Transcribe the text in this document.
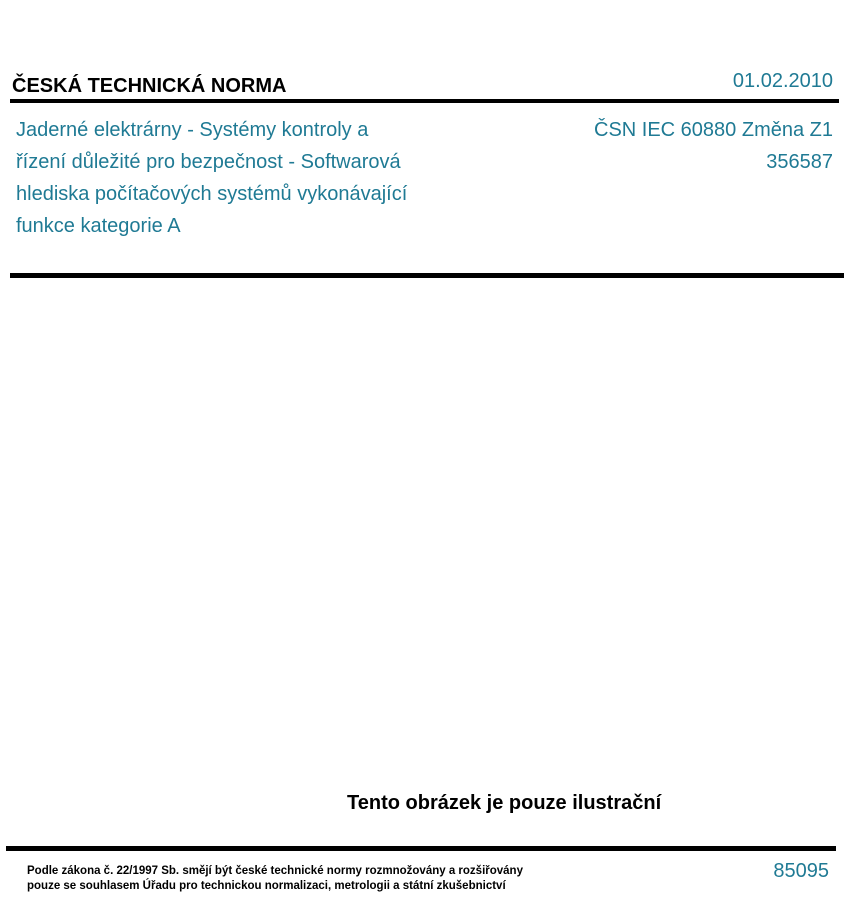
ČESKÁ TECHNICKÁ NORMA	01.02.2010
Jaderné elektrárny - Systémy kontroly a
řízení důležité pro bezpečnost - Softwarová
hlediska počítačových systémů vykonávající
funkce kategorie A
ČSN IEC 60880 Změna Z1
356587
Tento obrázek je pouze ilustrační
Podle zákona č. 22/1997 Sb. smějí být české technické normy rozmnožovány a rozšiřovány
pouze se souhlasem Úřadu pro technickou normalizaci, metrologii a státní zkušebnictví
85095
